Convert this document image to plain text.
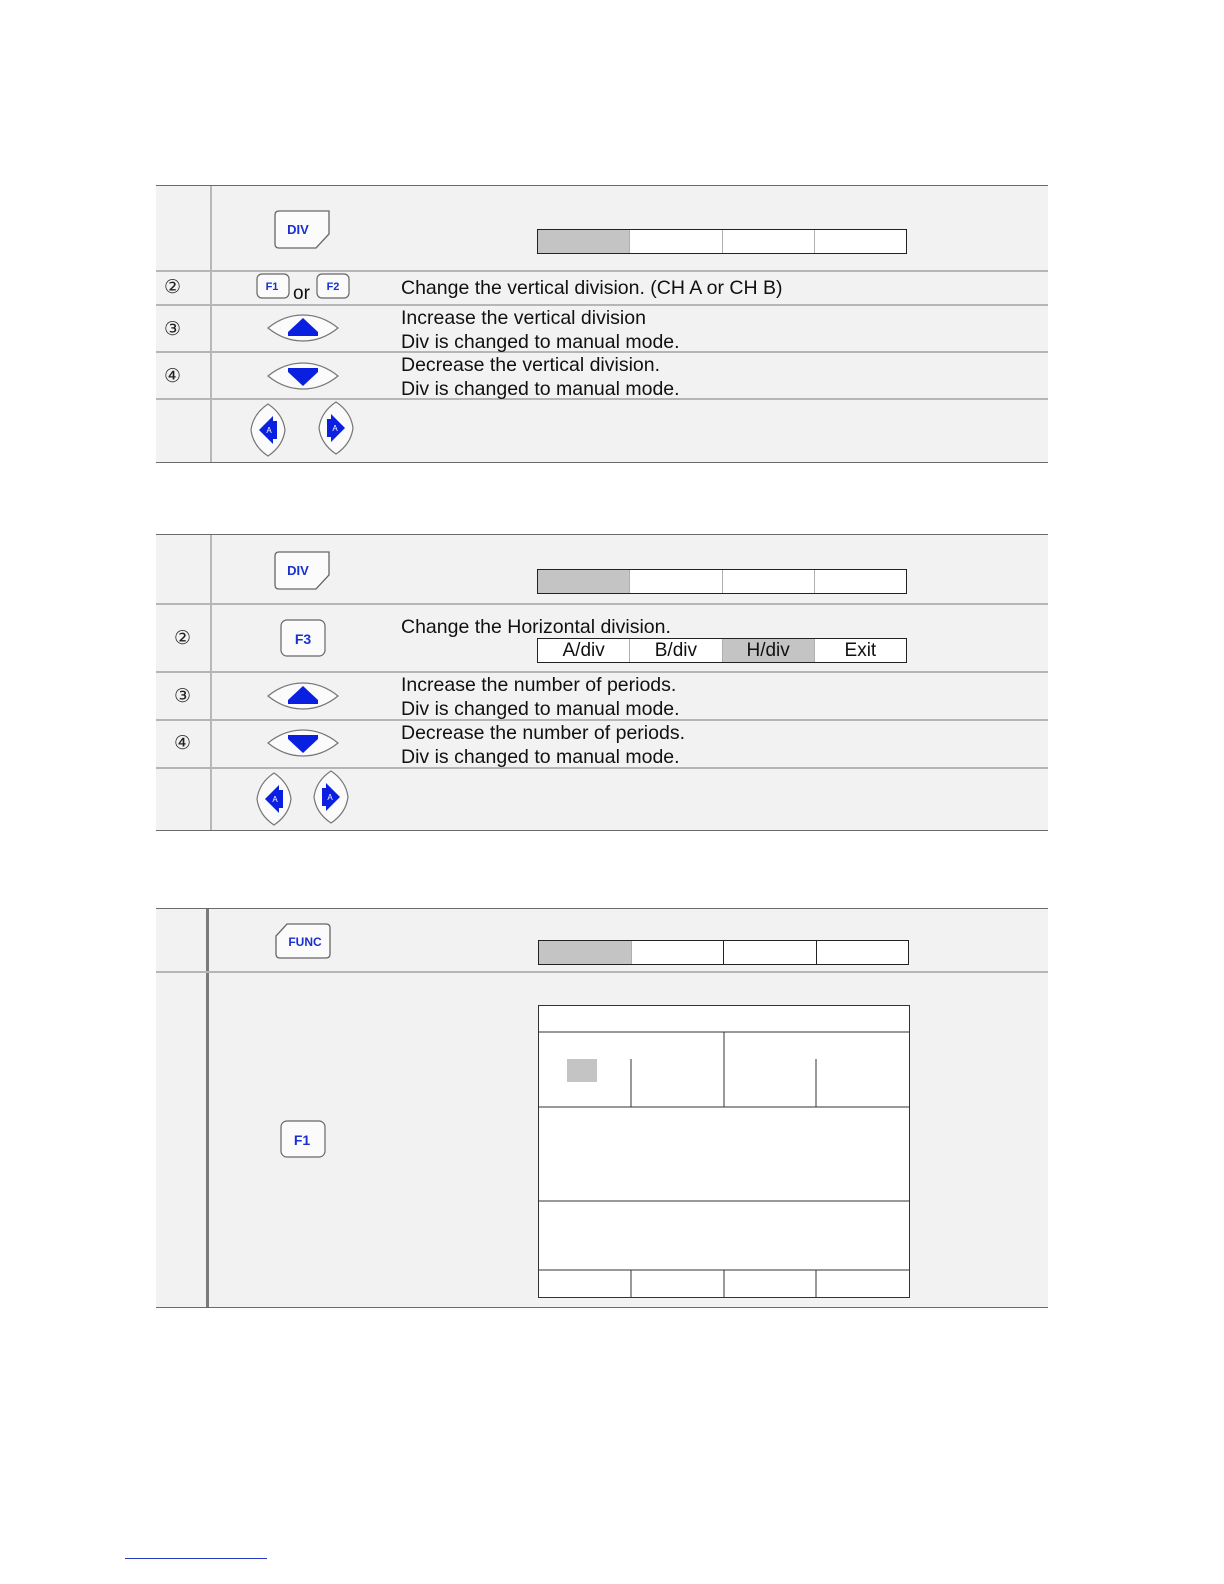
DIV
②	F1 or F2	Change the vertical division. (CH A or CH B)
③	Increase the vertical division
Div is changed to manual mode.
④	Decrease the vertical division.
Div is changed to manual mode.
A	A
DIV
②	F3
Change the Horizontal division.
A/div	B/div	H/div	Exit
③	Increase the number of periods.
Div is changed to manual mode.
④	Decrease the number of periods.
Div is changed to manual mode.
A	A
FUNC
F1
